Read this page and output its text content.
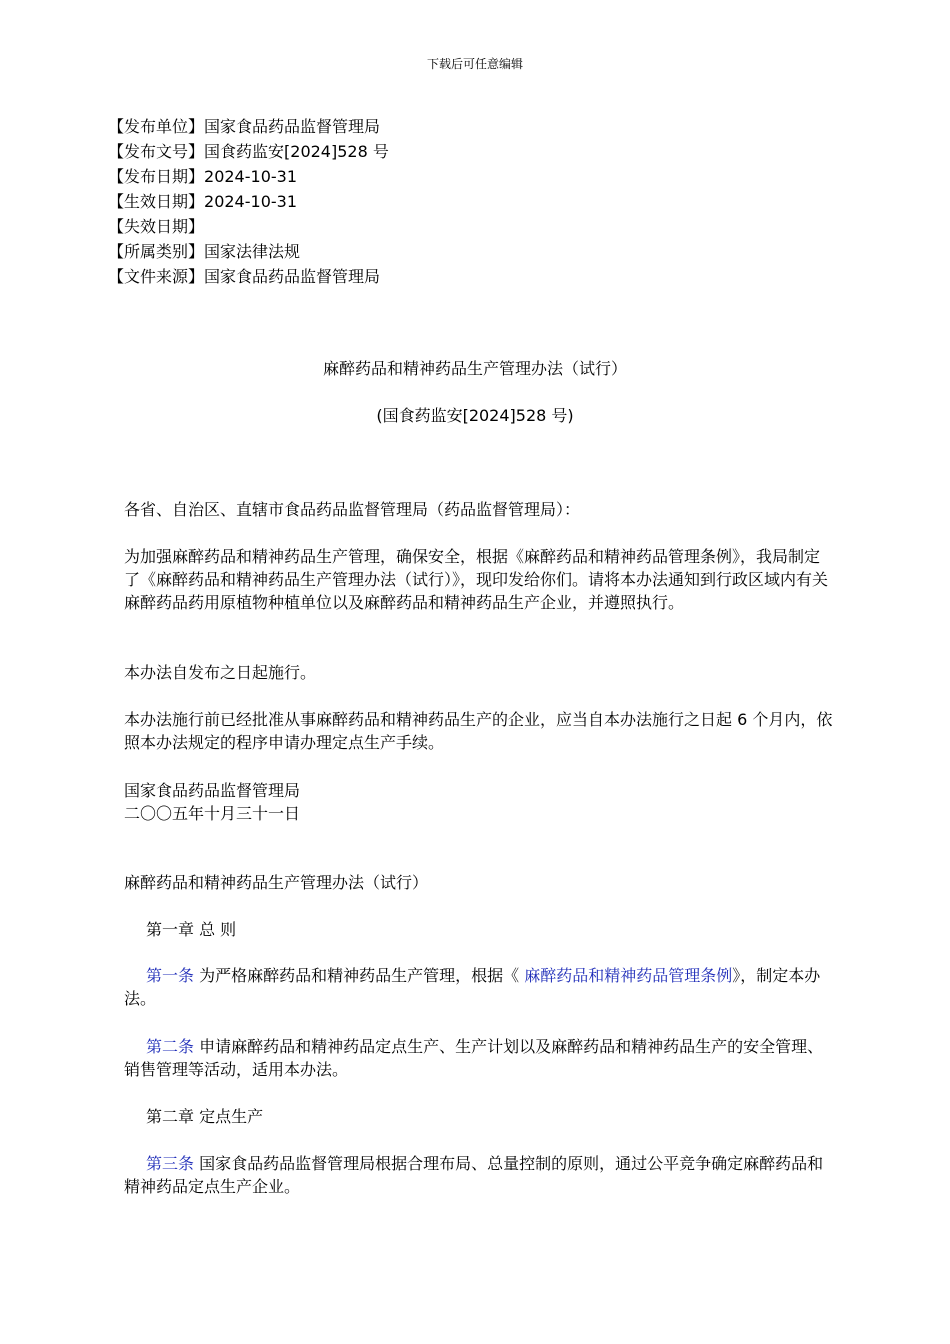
下载后可任意编辑
【发布单位】国家食品药品监督管理局
【发布文号】国食药监安[2024]528 号
【发布日期】2024-10-31
【生效日期】2024-10-31
【失效日期】
【所属类别】国家法律法规
【文件来源】国家食品药品监督管理局
麻醉药品和精神药品生产管理办法（试行）
(国食药监安[2024]528 号)

各省、自治区、直辖市食品药品监督管理局（药品监督管理局）：

为加强麻醉药品和精神药品生产管理，确保安全，根据《麻醉药品和精神药品管理条例》，我局制定了《麻醉药品和精神药品生产管理办法（试行）》，现印发给你们。请将本办法通知到行政区域内有关麻醉药品药用原植物种植单位以及麻醉药品和精神药品生产企业，并遵照执行。

本办法自发布之日起施行。

本办法施行前已经批准从事麻醉药品和精神药品生产的企业，应当自本办法施行之日起 6 个月内，依照本办法规定的程序申请办理定点生产手续。

国家食品药品监督管理局

二〇〇五年十月三十一日

麻醉药品和精神药品生产管理办法（试行）

第一章 总 则

第一条 为严格麻醉药品和精神药品生产管理，根据《 麻醉药品和精神药品管理条例》，制定本办法。

第二条 申请麻醉药品和精神药品定点生产、生产计划以及麻醉药品和精神药品生产的安全管理、销售管理等活动，适用本办法。

第二章 定点生产

第三条 国家食品药品监督管理局根据合理布局、总量控制的原则，通过公平竞争确定麻醉药品和精神药品定点生产企业。
